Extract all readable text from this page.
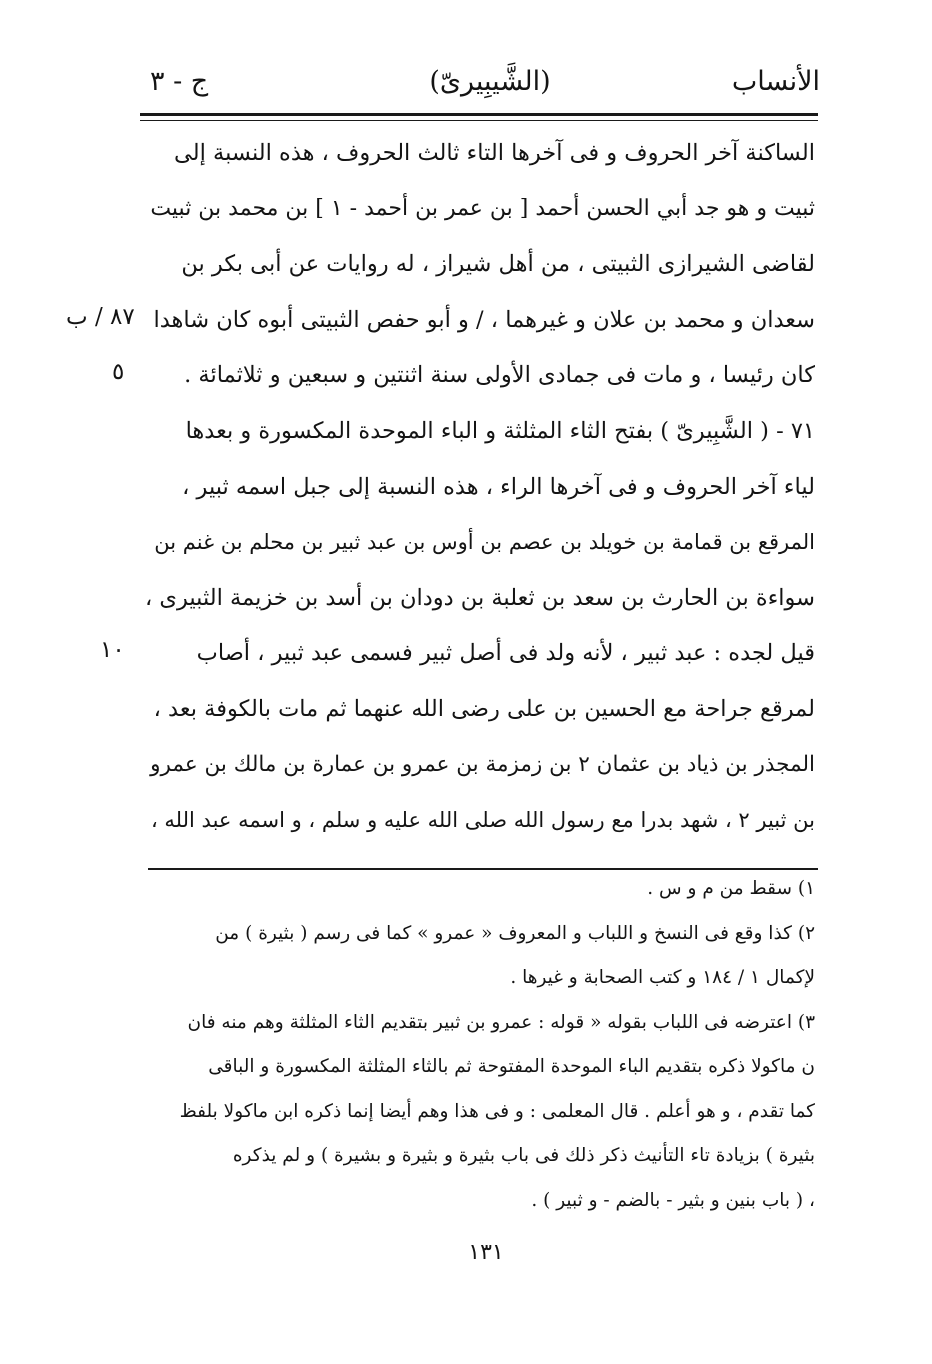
الأنساب
(الشَّيبِيرىّ)
ج - ٣
الساكنة آخر الحروف و فى آخرها التاء ثالث الحروف ، هذه النسبة إلى
ثبيت و هو جد أبي الحسن أحمد [ بن عمر بن أحمد - ١ ] بن محمد بن ثبيت
لقاضى الشيرازى الثبيتى ، من أهل شيراز ، له روايات عن أبى بكر بن
سعدان و محمد بن علان و غيرهما ، / و أبو حفص الثبيتى أبوه كان شاهدا
كان رئيسا ، و مات فى جمادى الأولى سنة اثنتين و سبعين و ثلاثمائة .
٧١ - ( الشَّبِيرىّ ) بفتح الثاء المثلثة و الباء الموحدة المكسورة و بعدها
لياء آخر الحروف و فى آخرها الراء ، هذه النسبة إلى جبل اسمه ثبير ،
المرقع بن قمامة بن خويلد بن عصم بن أوس بن عبد ثبير بن محلم بن غنم بن
سواءة بن الحارث بن سعد بن ثعلبة بن دودان بن أسد بن خزيمة الثبيرى ،
قيل لجده : عبد ثبير ، لأنه ولد فى أصل ثبير فسمى عبد ثبير ، أصاب
لمرقع جراحة مع الحسين بن على رضى الله عنهما ثم مات بالكوفة بعد ،
المجذر بن ذياد بن عثمان ٢ بن زمزمة بن عمرو بن عمارة بن مالك بن عمرو
بن ثبير ٢ ، شهد بدرا مع رسول الله صلى الله عليه و سلم ، و اسمه عبد الله ،
٨٧ / ب
٥
١٠
١) سقط من م و س .
٢) كذا وقع فى النسخ و اللباب و المعروف « عمرو » كما فى رسم ( بثيرة ) من
لإكمال ١ / ١٨٤ و كتب الصحابة و غيرها .
٣) اعترضه فى اللباب بقوله « قوله : عمرو بن ثبير بتقديم الثاء المثلثة وهم منه فان
ن ماكولا ذكره بتقديم الباء الموحدة المفتوحة ثم بالثاء المثلثة المكسورة و الباقى
كما تقدم ، و هو أعلم . قال المعلمى : و فى هذا وهم أيضا إنما ذكره ابن ماكولا بلفظ
بثيرة ) بزيادة تاء التأنيث ذكر ذلك فى باب بثيرة و بثيرة و بشيرة ) و لم يذكره
، ( باب بنين و بثير - بالضم - و ثبير ) .
١٣١
